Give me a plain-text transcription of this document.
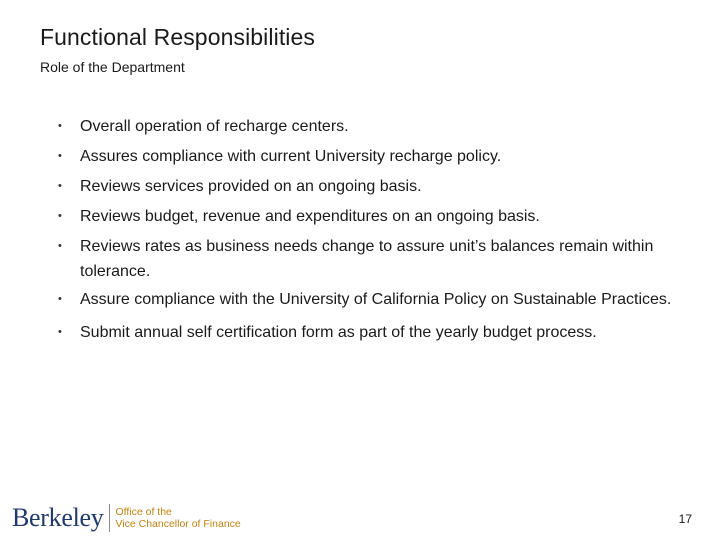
Functional Responsibilities
Role of the Department
•	Overall operation of recharge centers.
•	Assures compliance with current University recharge policy.
•	Reviews services provided on an ongoing basis.
•	Reviews budget, revenue and expenditures on an ongoing basis.
•	Reviews rates as business needs change to assure unit’s balances remain within tolerance.
•	Assure compliance with the University of California Policy on Sustainable Practices.
•	Submit annual self certification form as part of the yearly budget process.
Berkeley Office of the
Vice Chancellor of Finance	17
